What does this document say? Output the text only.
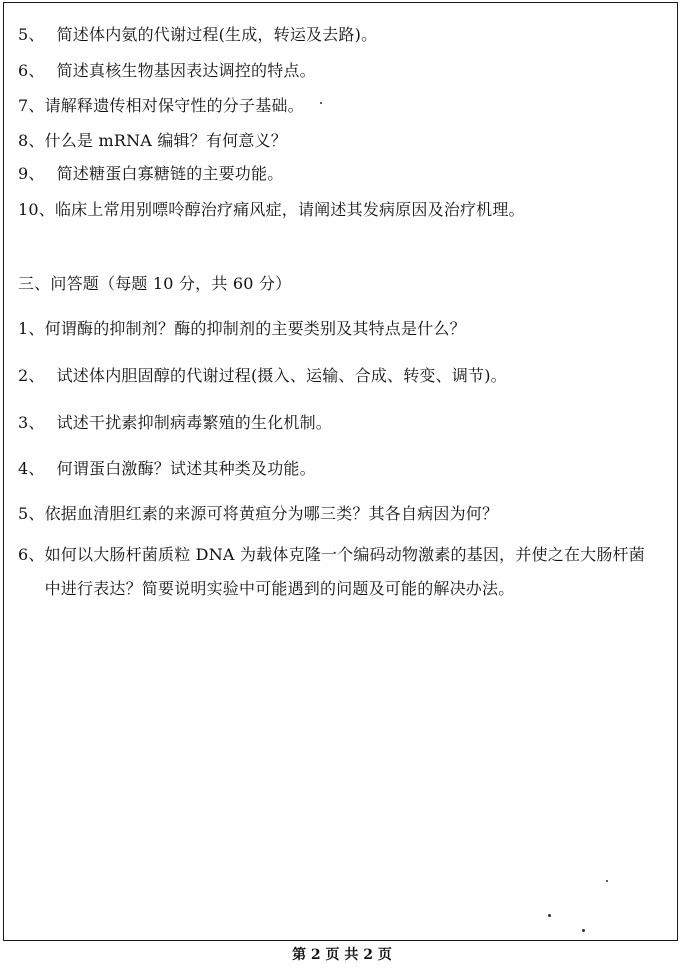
5、 简述体内氨的代谢过程(生成，转运及去路)。
6、 简述真核生物基因表达调控的特点。
7、请解释遗传相对保守性的分子基础。
8、什么是 mRNA 编辑？有何意义？
9、 简述糖蛋白寡糖链的主要功能。
10、临床上常用别嘌呤醇治疗痛风症，请阐述其发病原因及治疗机理。
三、问答题（每题 10 分，共 60 分）
1、何谓酶的抑制剂？酶的抑制剂的主要类别及其特点是什么？
2、 试述体内胆固醇的代谢过程(摄入、运输、合成、转变、调节)。
3、 试述干扰素抑制病毒繁殖的生化机制。
4、 何谓蛋白激酶？试述其种类及功能。
5、依据血清胆红素的来源可将黄疸分为哪三类？其各自病因为何？
6、如何以大肠杆菌质粒 DNA 为载体克隆一个编码动物激素的基因，并使之在大肠杆菌中进行表达？简要说明实验中可能遇到的问题及可能的解决办法。
第 2 页 共 2 页
